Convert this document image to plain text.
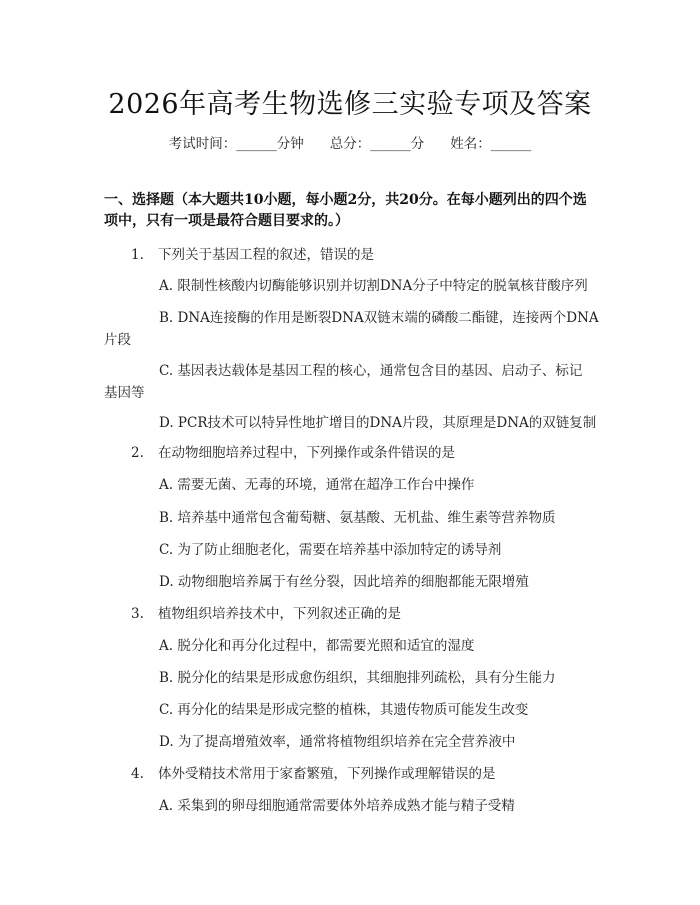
2026年高考生物选修三实验专项及答案
考试时间：______分钟 总分：______分 姓名：______
一、选择题（本大题共10小题，每小题2分，共20分。在每小题列出的四个选
项中，只有一项是最符合题目要求的。）
1. 下列关于基因工程的叙述，错误的是
A. 限制性核酸内切酶能够识别并切割DNA分子中特定的脱氧核苷酸序列
B. DNA连接酶的作用是断裂DNA双链末端的磷酸二酯键，连接两个DNA
片段
C. 基因表达载体是基因工程的核心，通常包含目的基因、启动子、标记
基因等
D. PCR技术可以特异性地扩增目的DNA片段，其原理是DNA的双链复制
2. 在动物细胞培养过程中，下列操作或条件错误的是
A. 需要无菌、无毒的环境，通常在超净工作台中操作
B. 培养基中通常包含葡萄糖、氨基酸、无机盐、维生素等营养物质
C. 为了防止细胞老化，需要在培养基中添加特定的诱导剂
D. 动物细胞培养属于有丝分裂，因此培养的细胞都能无限增殖
3. 植物组织培养技术中，下列叙述正确的是
A. 脱分化和再分化过程中，都需要光照和适宜的湿度
B. 脱分化的结果是形成愈伤组织，其细胞排列疏松，具有分生能力
C. 再分化的结果是形成完整的植株，其遗传物质可能发生改变
D. 为了提高增殖效率，通常将植物组织培养在完全营养液中
4. 体外受精技术常用于家畜繁殖，下列操作或理解错误的是
A. 采集到的卵母细胞通常需要体外培养成熟才能与精子受精
